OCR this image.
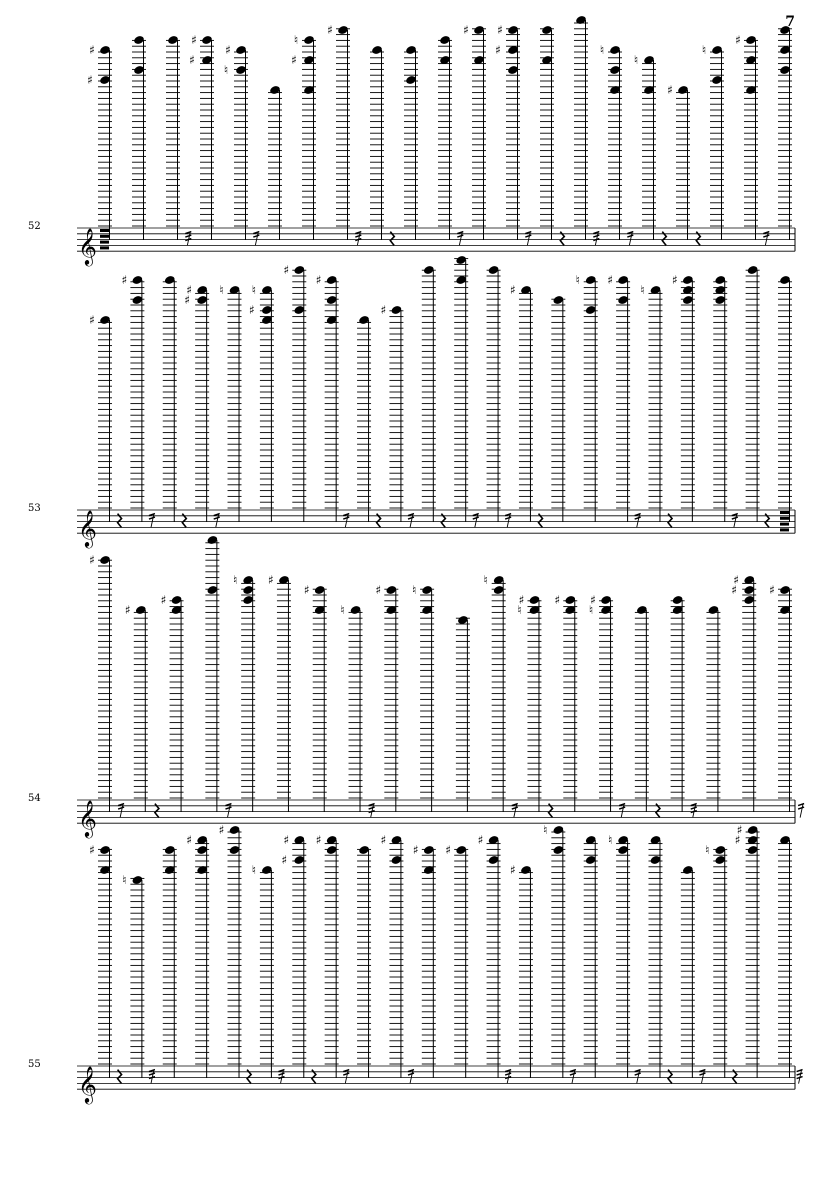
52
𝄞
♯
♯
♯
♯
♯
♮
♮
♯
♯	♯ ♯
♯	♮
♮
♯
♮
♯
53
𝄞
♯
♯
♯
♯
♮ ♮
♯
♯
♯
♯
♯
♮ ♯
♮
♯
54
𝄞
♯
♯
♯
♮	♯
♯
♮
♯	♮
♮
♯
♮
♯ ♯
♮
♯
♯	♯
55
𝄞
♯
♮
♯
♯
♮
♯
♯
♯	♯
♯ ♯
♯
♯
♮
♮
♮
♯
♯
7
